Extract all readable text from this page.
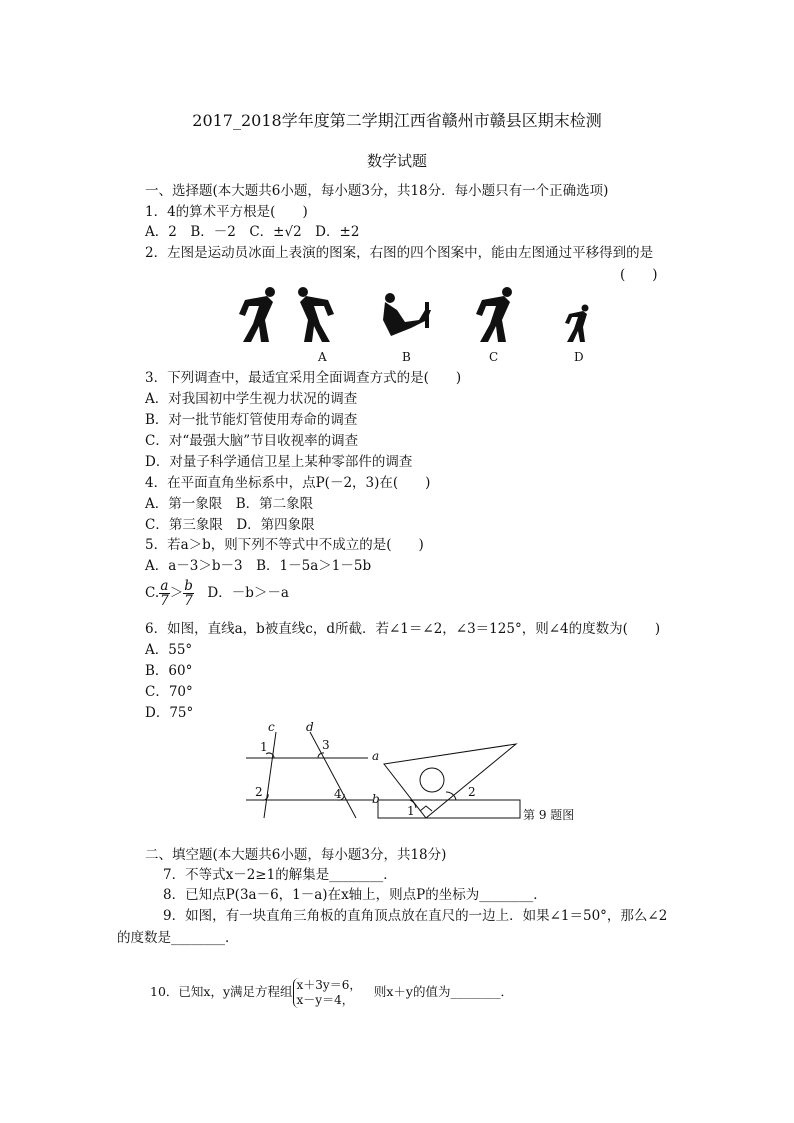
2017_2018学年度第二学期江西省赣州市赣县区期末检测
数学试题
一、选择题(本大题共6小题，每小题3分，共18分．每小题只有一个正确选项)
1．4的算术平方根是(　　)
A．2　B．－2　C．±√2　D．±2
2．左图是运动员冰面上表演的图案，右图的四个图案中，能由左图通过平移得到的是
(　　)
A	B	C	D
3．下列调查中，最适宜采用全面调查方式的是(　　)
A．对我国初中学生视力状况的调查
B．对一批节能灯管使用寿命的调查
C．对“最强大脑”节目收视率的调查
D．对量子科学通信卫星上某种零部件的调查
4．在平面直角坐标系中，点P(－2，3)在(　　)
A．第一象限　B．第二象限
C．第三象限　D．第四象限
5．若a＞b，则下列不等式中不成立的是(　　)
A．a－3＞b－3　B．1－5a＞1－5b
C. $\frac{a}{7} > \frac{b}{7}$
　 D．－b＞－a
6．如图，直线a，b被直线c，d所截．若∠1＝∠2，∠3＝125°，则∠4的度数为(　　)
A．55°
B．60°
C．70°
D．75°
c	d
a
b
1
2
3
4
1
2
第 9 题图
二、填空题(本大题共6小题，每小题3分，共18分)
7．不等式x－2≥1的解集是________．
8．已知点P(3a－6，1－a)在x轴上，则点P的坐标为________．
9．如图，有一块直角三角板的直角顶点放在直尺的一边上．如果∠1＝50°，那么∠2
的度数是________．
10．已知x，y满足方程组 x＋3y＝6，
x－y＝4，
　则x＋y的值为________．
